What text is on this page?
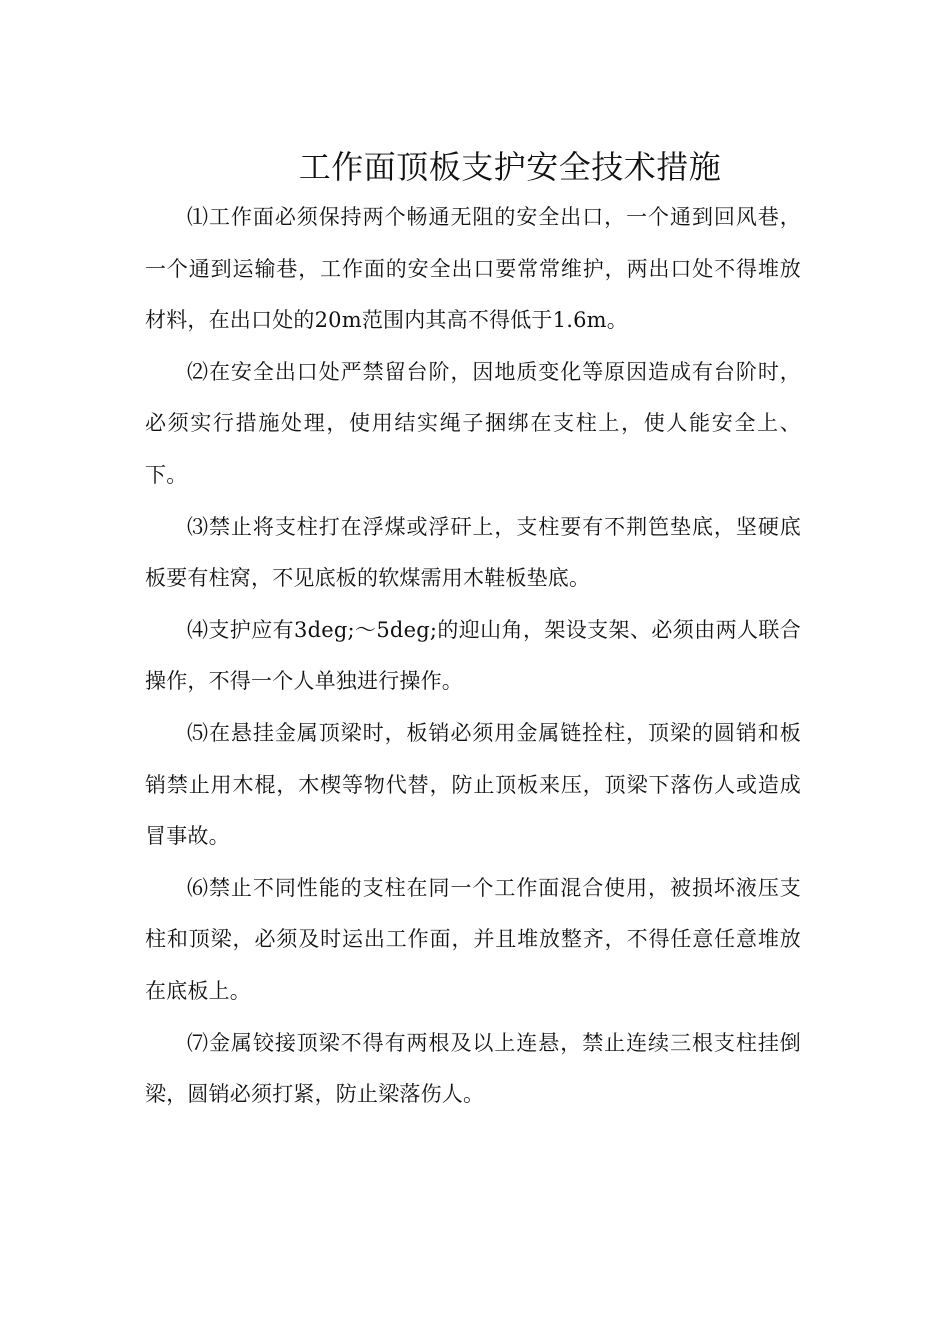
工作面顶板支护安全技术措施

⑴工作面必须保持两个畅通无阻的安全出口，一个通到回风巷，一个通到运输巷，工作面的安全出口要常常维护，两出口处不得堆放材料，在出口处的20m范围内其高不得低于1.6m。

⑵在安全出口处严禁留台阶，因地质变化等原因造成有台阶时，必须实行措施处理，使用结实绳子捆绑在支柱上，使人能安全上、下。

⑶禁止将支柱打在浮煤或浮矸上，支柱要有不荆笆垫底，坚硬底板要有柱窝，不见底板的软煤需用木鞋板垫底。

⑷支护应有3deg;～5deg;的迎山角，架设支架、必须由两人联合操作，不得一个人单独进行操作。

⑸在悬挂金属顶梁时，板销必须用金属链拴柱，顶梁的圆销和板销禁止用木棍，木楔等物代替，防止顶板来压，顶梁下落伤人或造成冒事故。

⑹禁止不同性能的支柱在同一个工作面混合使用，被损坏液压支柱和顶梁，必须及时运出工作面，并且堆放整齐，不得任意任意堆放在底板上。

⑺金属铰接顶梁不得有两根及以上连悬，禁止连续三根支柱挂倒梁，圆销必须打紧，防止梁落伤人。
